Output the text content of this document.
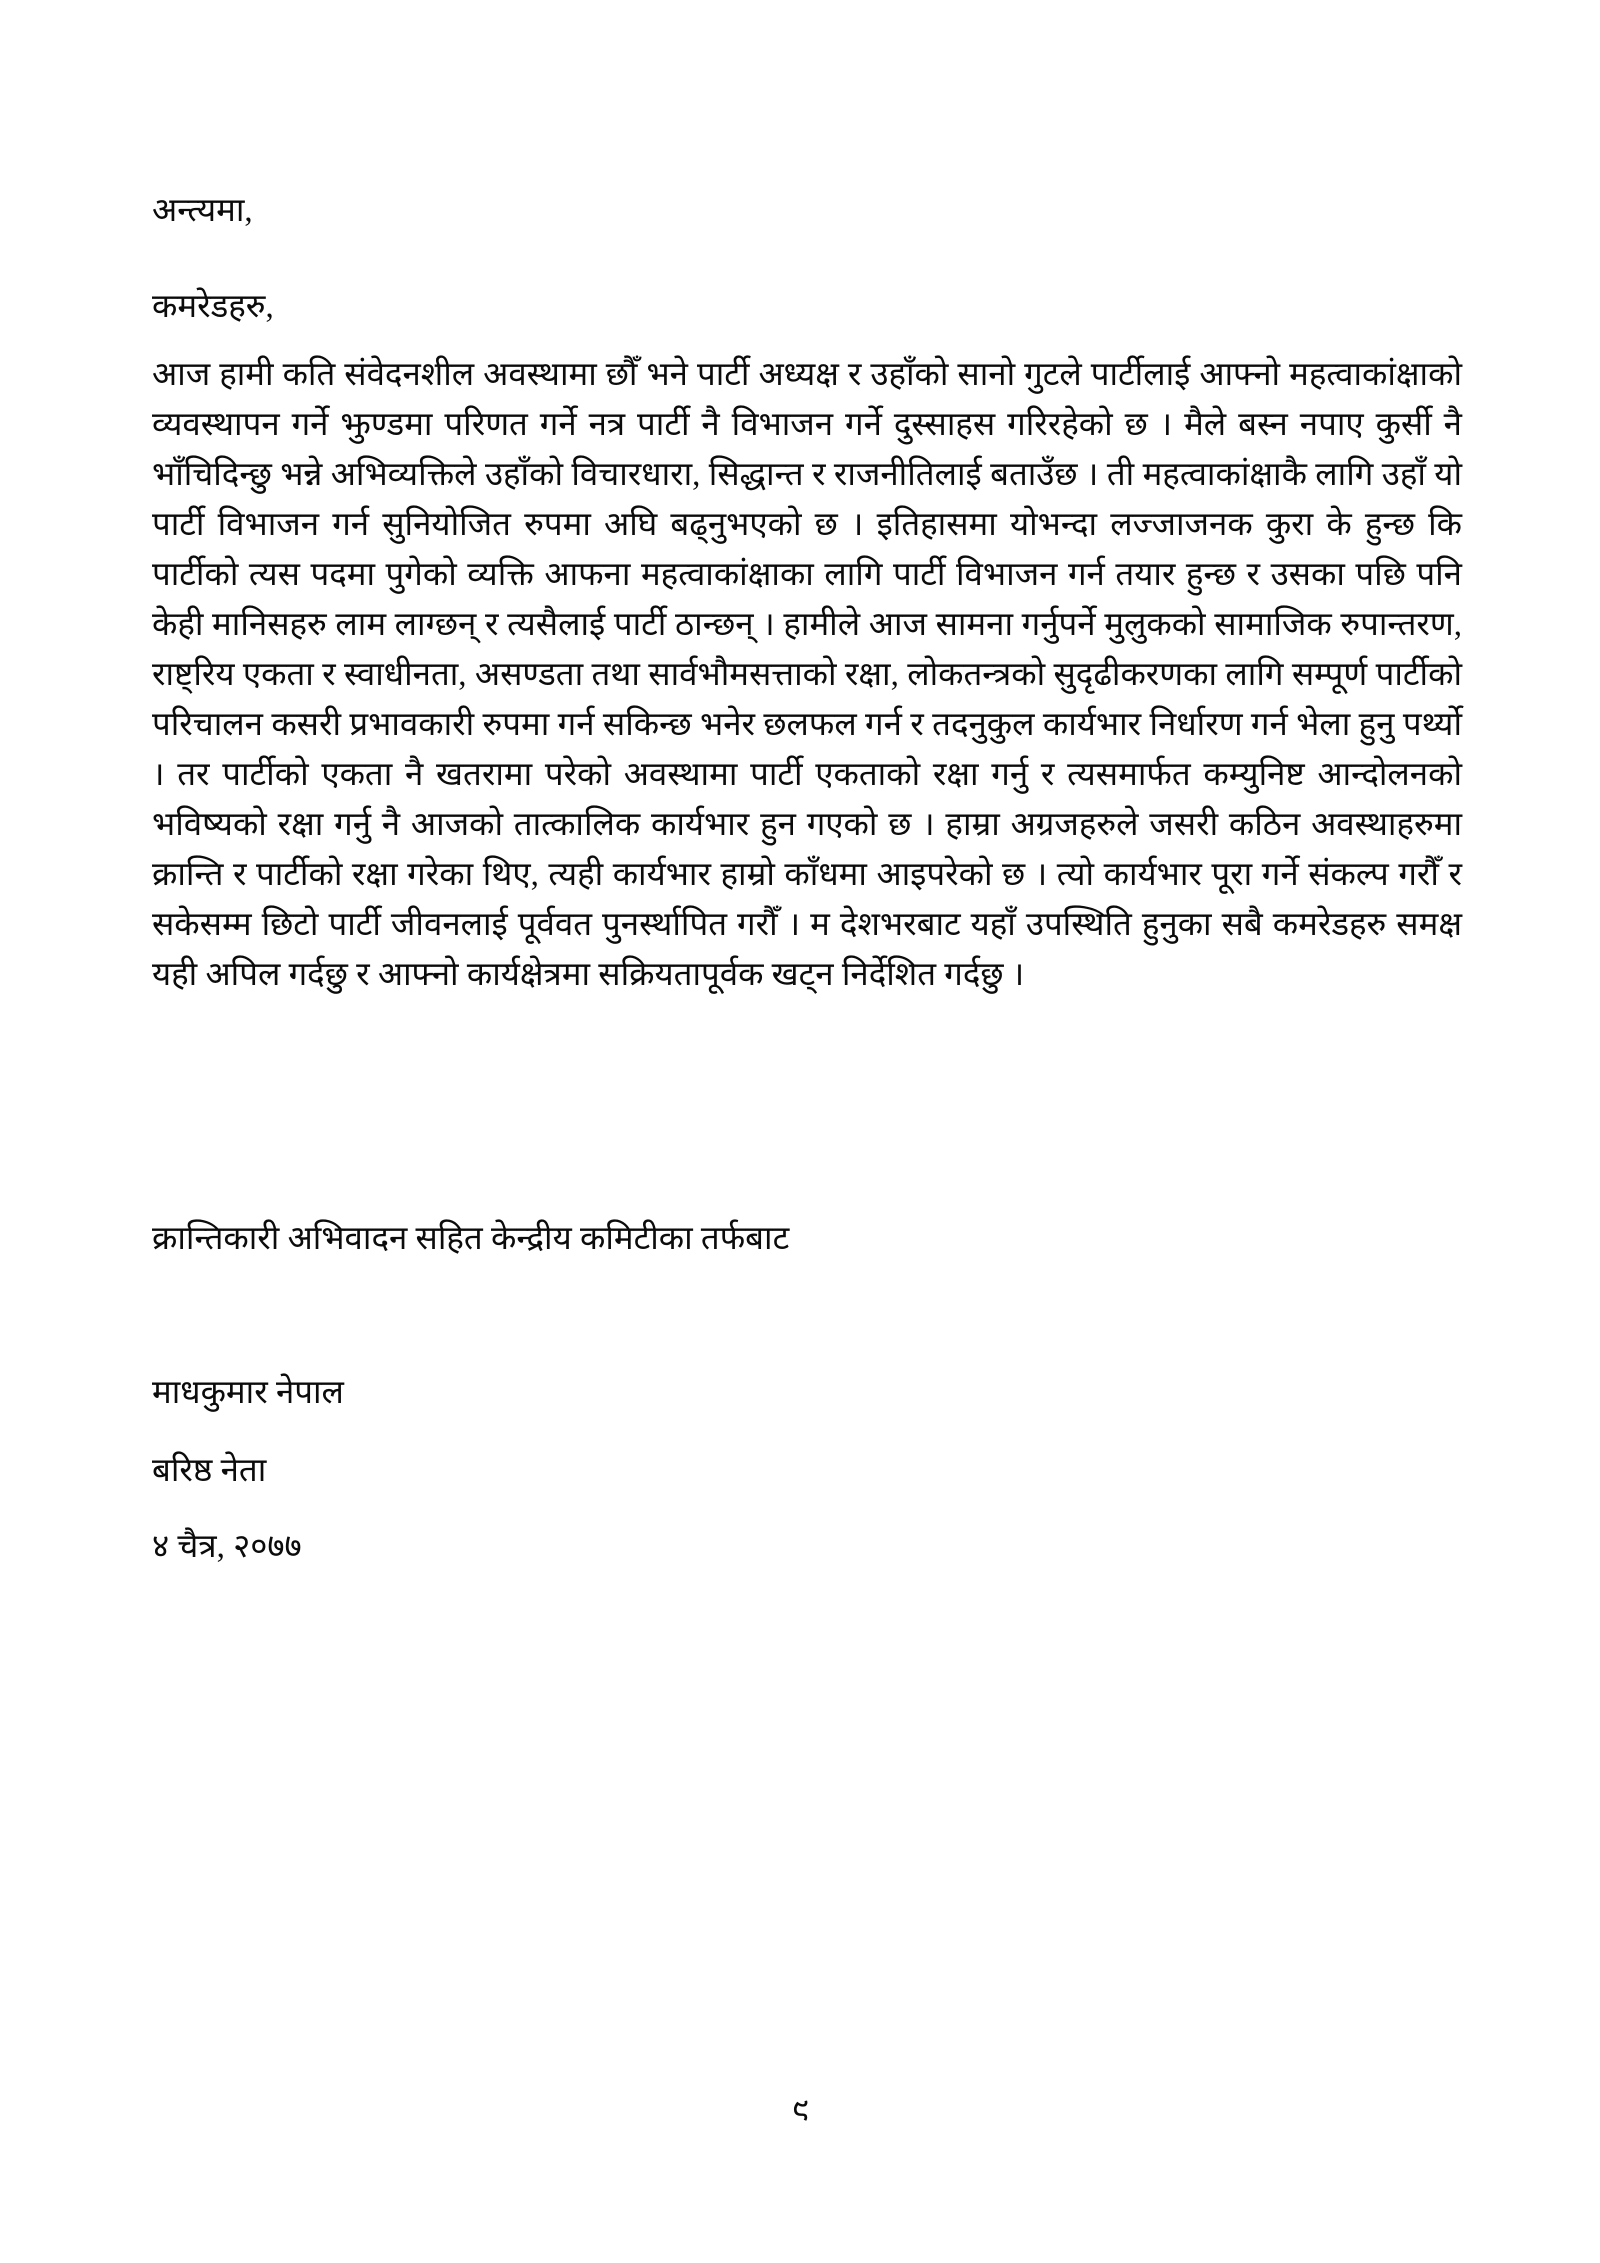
अन्त्यमा,

कमरेडहरु,

आज हामी कति संवेदनशील अवस्थामा छौँ भने पार्टी अध्यक्ष र उहाँको सानो गुटले पार्टीलाई आफ्नो महत्वाकांक्षाको व्यवस्थापन गर्ने झुण्डमा परिणत गर्ने नत्र पार्टी नै विभाजन गर्ने दुस्साहस गरिरहेको छ । मैले बस्न नपाए कुर्सी नै भाँचिदिन्छु भन्ने अभिव्यक्तिले उहाँको विचारधारा, सिद्धान्त र राजनीतिलाई बताउँछ । ती महत्वाकांक्षाकै लागि उहाँ यो पार्टी विभाजन गर्न सुनियोजित रुपमा अघि बढ्नुभएको छ । इतिहासमा योभन्दा लज्जाजनक कुरा के हुन्छ कि पार्टीको त्यस पदमा पुगेको व्यक्ति आफना महत्वाकांक्षाका लागि पार्टी विभाजन गर्न तयार हुन्छ र उसका पछि पनि केही मानिसहरु लाम लाग्छन् र त्यसैलाई पार्टी ठान्छन् । हामीले आज सामना गर्नुपर्ने मुलुकको सामाजिक रुपान्तरण, राष्ट्रिय एकता र स्वाधीनता, असण्डता तथा सार्वभौमसत्ताको रक्षा, लोकतन्त्रको सुदृढीकरणका लागि सम्पूर्ण पार्टीको परिचालन कसरी प्रभावकारी रुपमा गर्न सकिन्छ भनेर छलफल गर्न र तदनुकुल कार्यभार निर्धारण गर्न भेला हुनु पर्थ्यो । तर पार्टीको एकता नै खतरामा परेको अवस्थामा पार्टी एकताको रक्षा गर्नु र त्यसमार्फत कम्युनिष्ट आन्दोलनको भविष्यको रक्षा गर्नु नै आजको तात्कालिक कार्यभार हुन गएको छ । हाम्रा अग्रजहरुले जसरी कठिन अवस्थाहरुमा क्रान्ति र पार्टीको रक्षा गरेका थिए, त्यही कार्यभार हाम्रो काँधमा आइपरेको छ । त्यो कार्यभार पूरा गर्ने संकल्प गरौँ र सकेसम्म छिटो पार्टी जीवनलाई पूर्ववत पुनर्स्थापित गरौँ । म देशभरबाट यहाँ उपस्थिति हुनुका सबै कमरेडहरु समक्ष यही अपिल गर्दछु र आफ्नो कार्यक्षेत्रमा सक्रियतापूर्वक खट्न निर्देशित गर्दछु ।

क्रान्तिकारी अभिवादन सहित केन्द्रीय कमिटीका तर्फबाट

माधकुमार नेपाल

बरिष्ठ नेता

४ चैत्र, २०७७

९
